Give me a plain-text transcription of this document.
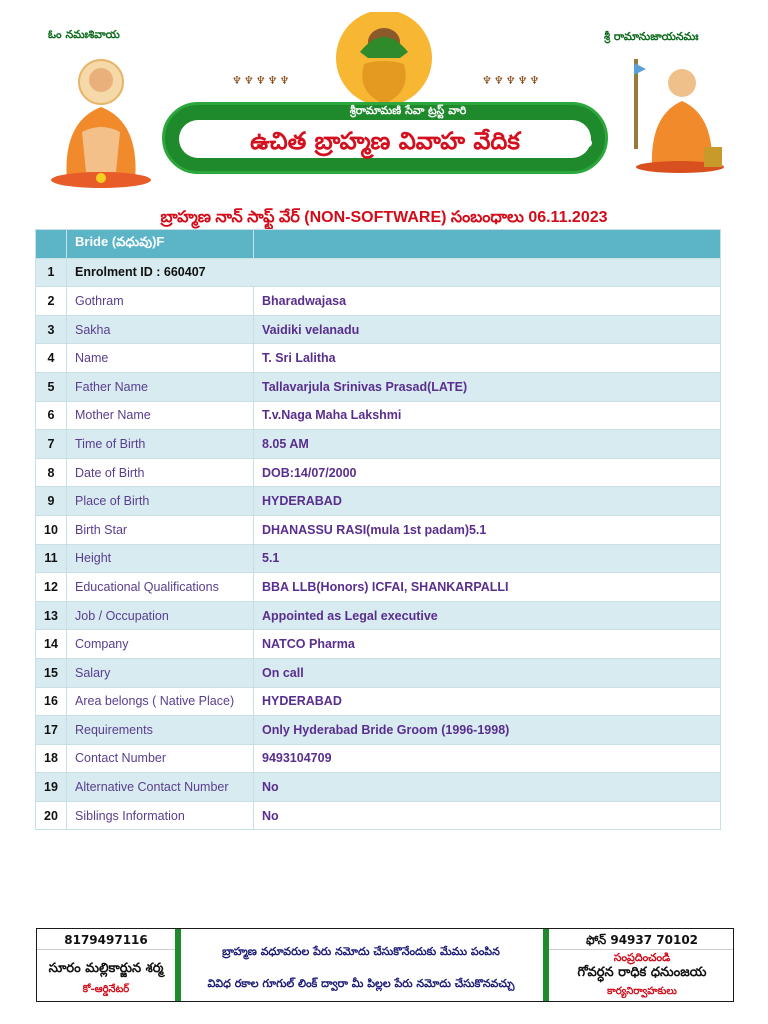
ఓం నమఃశివాయ	శ్రీ రామానుజాయనమః
♆♆♆♆♆	♆♆♆♆♆
శ్రీరామామణి సేవా ట్రస్ట్ వారి
ఉచిత బ్రాహ్మణ వివాహ వేదిక
బ్రాహ్మణ నాన్ సాఫ్ట్ వేర్ (NON-SOFTWARE) సంబంధాలు 06.11.2023
	Bride (వధువు)F	
1	Enrolment ID : 660407	
2	Gothram	Bharadwajasa
3	Sakha	Vaidiki velanadu
4	Name	T. Sri Lalitha
5	Father Name	Tallavarjula Srinivas Prasad(LATE)
6	Mother Name	T.v.Naga Maha Lakshmi
7	Time of Birth	8.05 AM
8	Date of Birth	DOB:14/07/2000
9	Place of Birth	HYDERABAD
10	Birth Star	DHANASSU RASI(mula 1st padam)5.1
11	Height	5.1
12	Educational Qualifications	BBA LLB(Honors) ICFAI, SHANKARPALLI
13	Job / Occupation	Appointed as Legal executive
14	Company	NATCO Pharma
15	Salary	On call
16	Area belongs ( Native Place)	HYDERABAD
17	Requirements	Only Hyderabad Bride Groom (1996-1998)
18	Contact Number	9493104709
19	Alternative Contact Number	No
20	Siblings Information	No
8179497116
సూరం మల్లికార్జున శర్మ
కో-ఆర్డినేటర్
బ్రాహ్మణ వధూవరుల పేరు నమోదు చేసుకొనేందుకు మేము పంపిన
వివిధ రకాల గూగుల్ లింక్ ద్వారా మీ పిల్లల పేరు నమోదు చేసుకొనవచ్చు
ఫోన్ 94937 70102
సంప్రదించండి
గోవర్ధన రాధిక ధనుంజయ
కార్యనిర్వాహకులు
